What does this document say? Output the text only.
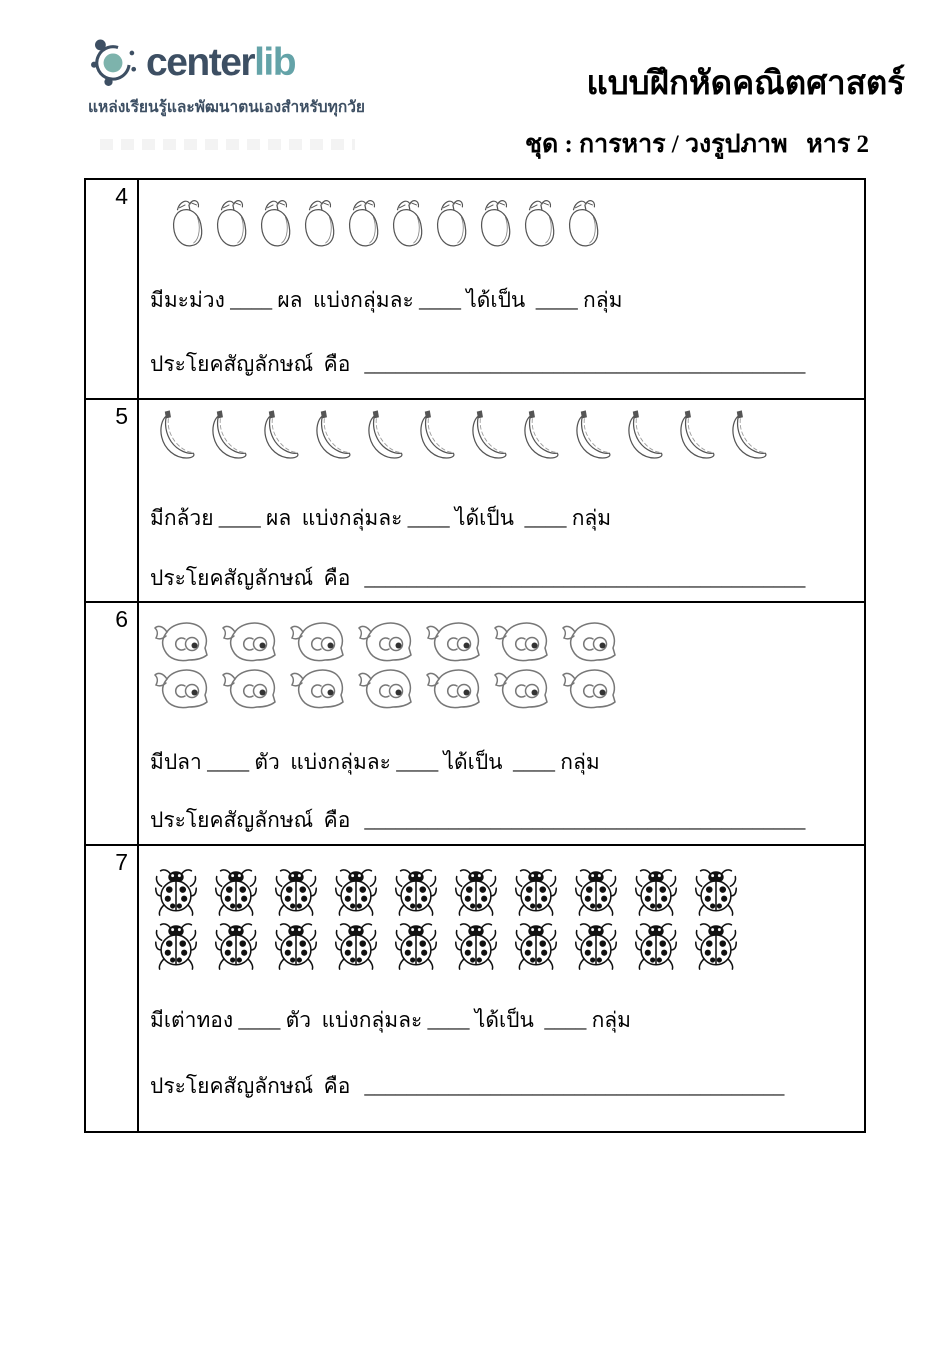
centerlib
แหล่งเรียนรู้และพัฒนาตนเองสำหรับทุกวัย
แบบฝึกหัดคณิตศาสตร์
ชุด : การหาร / วงรูปภาพ   หาร 2
4
มีมะม่วง ____ ผล  แบ่งกลุ่มละ ____ ได้เป็น  ____ กลุ่ม
ประโยคสัญลักษณ์  คือ __________________________________________
5
มีกล้วย ____ ผล  แบ่งกลุ่มละ ____ ได้เป็น  ____ กลุ่ม
ประโยคสัญลักษณ์  คือ __________________________________________
6
มีปลา ____ ตัว  แบ่งกลุ่มละ ____ ได้เป็น  ____ กลุ่ม
ประโยคสัญลักษณ์  คือ __________________________________________
7
มีเต่าทอง ____ ตัว  แบ่งกลุ่มละ ____ ได้เป็น  ____ กลุ่ม
ประโยคสัญลักษณ์  คือ ________________________________________
